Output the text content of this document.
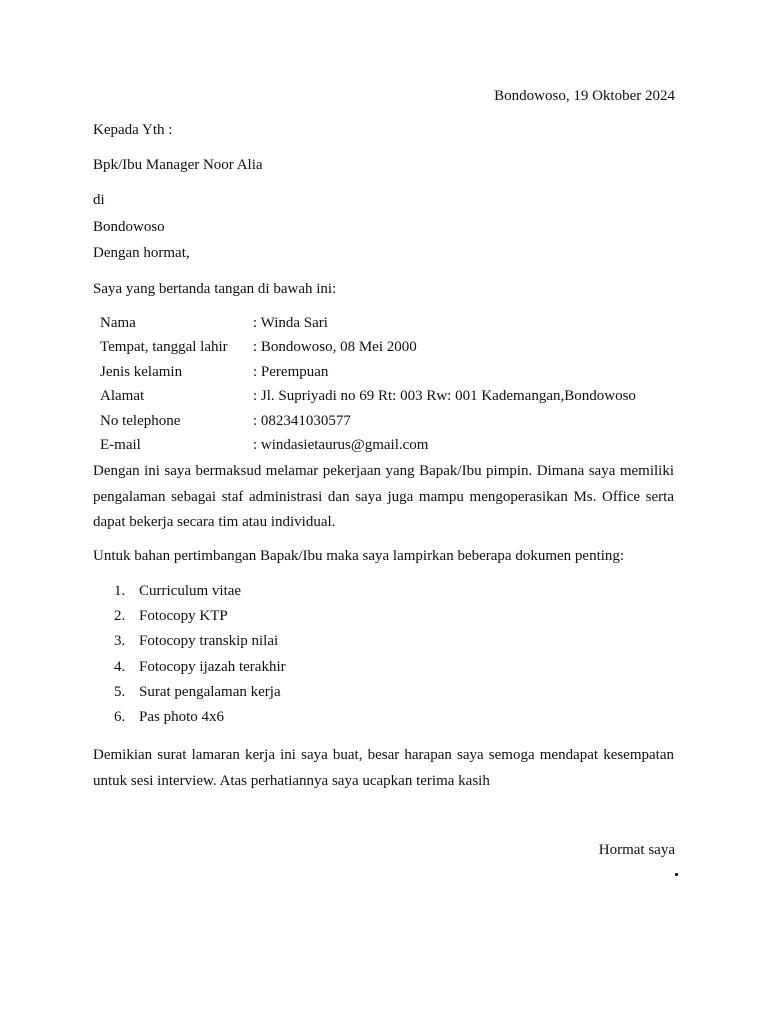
Bondowoso, 19 Oktober 2024
Kepada Yth :
Bpk/Ibu Manager Noor Alia
di
Bondowoso
Dengan hormat,
Saya yang bertanda tangan di bawah ini:
Nama	: Winda Sari
Tempat, tanggal lahir	: Bondowoso, 08 Mei 2000
Jenis kelamin	: Perempuan
Alamat	: Jl. Supriyadi no 69 Rt: 003 Rw: 001 Kademangan,Bondowoso
No telephone	: 082341030577
E-mail	: windasietaurus@gmail.com

Dengan ini saya bermaksud melamar pekerjaan yang Bapak/Ibu pimpin. Dimana saya memiliki pengalaman sebagai staf administrasi dan saya juga mampu mengoperasikan Ms. Office serta dapat bekerja secara tim atau individual.

Untuk bahan pertimbangan Bapak/Ibu maka saya lampirkan beberapa dokumen penting:
1. Curriculum vitae
2. Fotocopy KTP
3. Fotocopy transkip nilai
4. Fotocopy ijazah terakhir
5. Surat pengalaman kerja
6. Pas photo 4x6

Demikian surat lamaran kerja ini saya buat, besar harapan saya semoga mendapat kesempatan untuk sesi interview. Atas perhatiannya saya ucapkan terima kasih

Hormat saya
